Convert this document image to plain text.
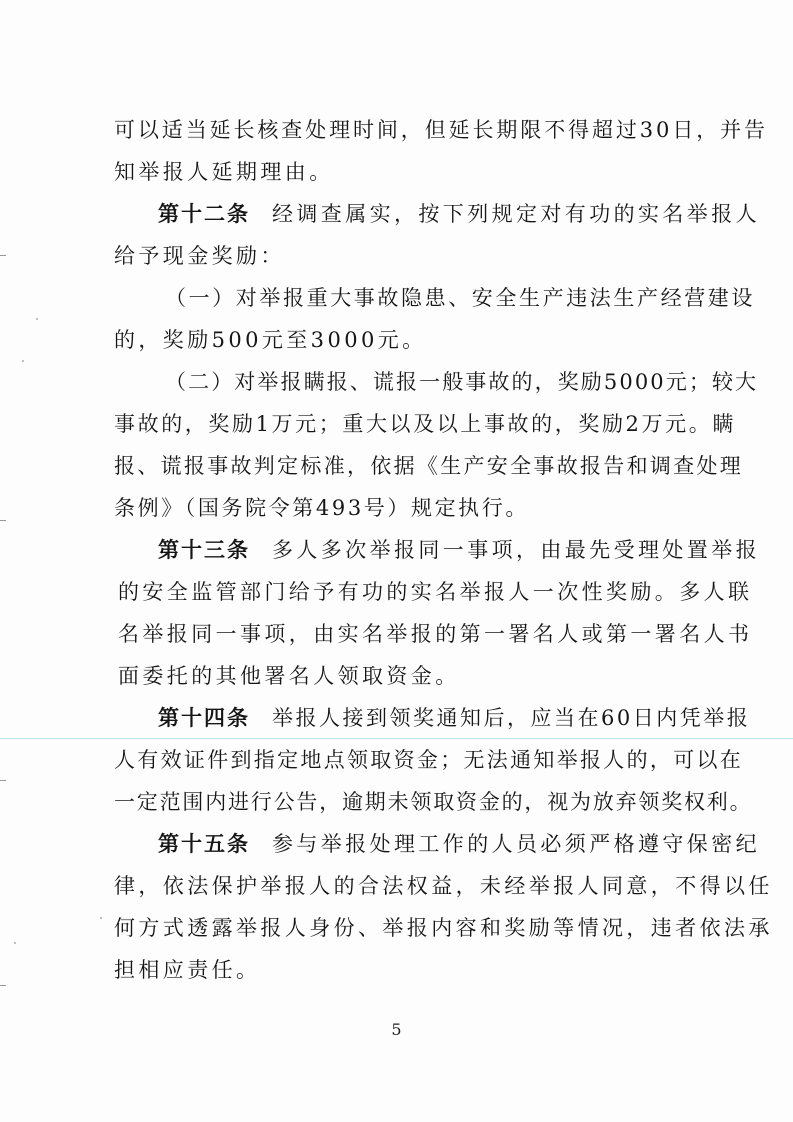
可以适当延长核查处理时间，但延长期限不得超过30日，并告
知举报人延期理由。
第十二条 经调查属实，按下列规定对有功的实名举报人
给予现金奖励：
（一）对举报重大事故隐患、安全生产违法生产经营建设
的，奖励500元至3000元。
（二）对举报瞒报、谎报一般事故的，奖励5000元；较大
事故的，奖励1万元；重大以及以上事故的，奖励2万元。瞒
报、谎报事故判定标准，依据《生产安全事故报告和调查处理
条例》（国务院令第493号）规定执行。
第十三条 多人多次举报同一事项，由最先受理处置举报
的安全监管部门给予有功的实名举报人一次性奖励。多人联
名举报同一事项，由实名举报的第一署名人或第一署名人书
面委托的其他署名人领取资金。
第十四条 举报人接到领奖通知后，应当在60日内凭举报
人有效证件到指定地点领取资金；无法通知举报人的，可以在
一定范围内进行公告，逾期未领取资金的，视为放弃领奖权利。
第十五条 参与举报处理工作的人员必须严格遵守保密纪
律，依法保护举报人的合法权益，未经举报人同意，不得以任
何方式透露举报人身份、举报内容和奖励等情况，违者依法承
担相应责任。
5
